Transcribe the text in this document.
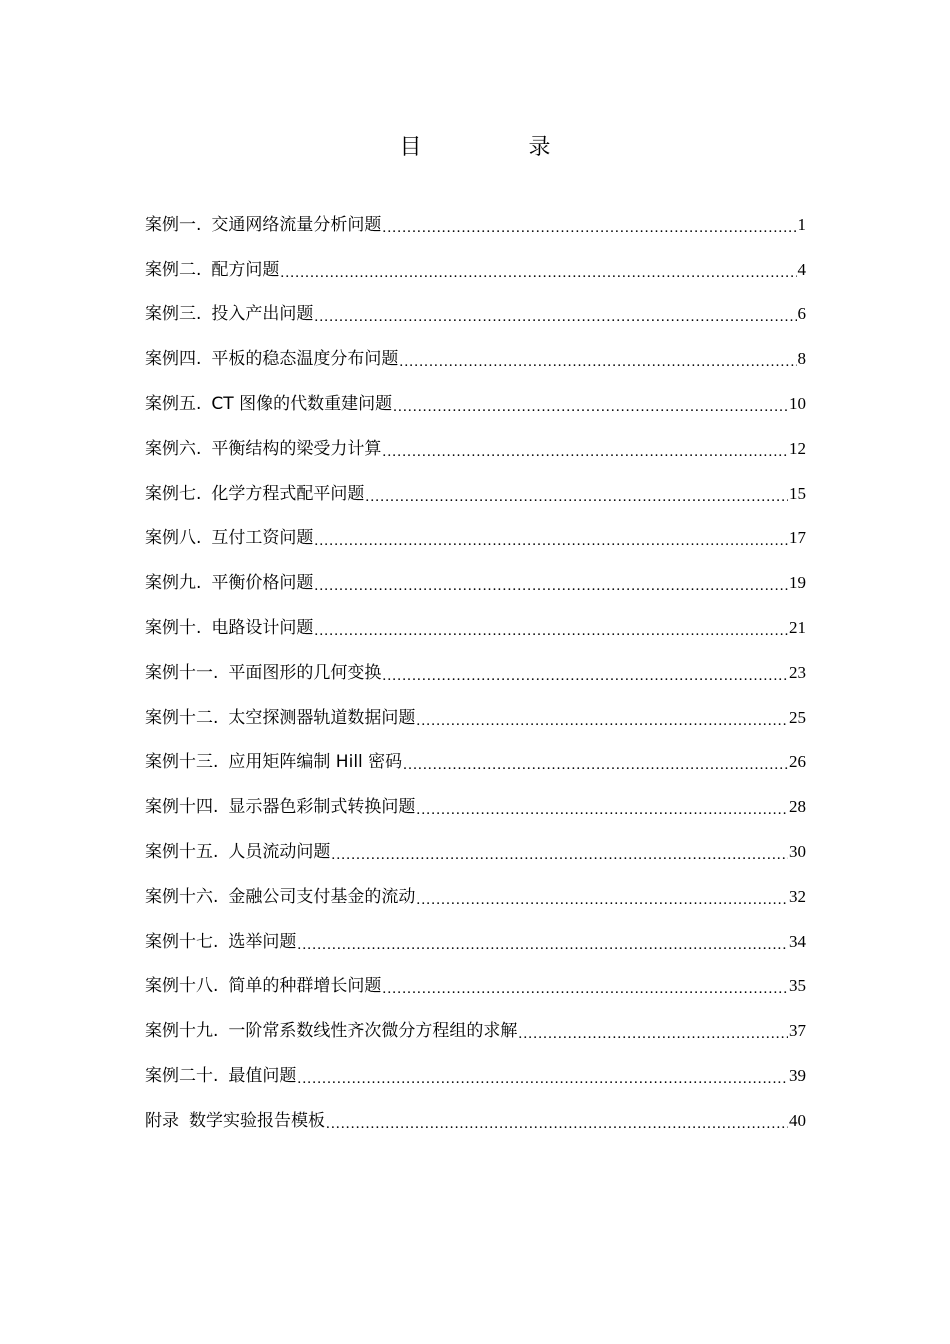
目 录
案例一. 交通网络流量分析问题 .....	1
案例二. 配方问题 .....	4
案例三. 投入产出问题 .....	6
案例四. 平板的稳态温度分布问题 .....	8
案例五. CT 图像的代数重建问题 .....	10
案例六. 平衡结构的梁受力计算 .....	12
案例七. 化学方程式配平问题 .....	15
案例八. 互付工资问题 .....	17
案例九. 平衡价格问题 .....	19
案例十. 电路设计问题 .....	21
案例十一. 平面图形的几何变换 .....	23
案例十二. 太空探测器轨道数据问题 .....	25
案例十三. 应用矩阵编制 Hill 密码 .....	26
案例十四. 显示器色彩制式转换问题 .....	28
案例十五. 人员流动问题 .....	30
案例十六. 金融公司支付基金的流动 .....	32
案例十七. 选举问题 .....	34
案例十八. 简单的种群增长问题 .....	35
案例十九. 一阶常系数线性齐次微分方程组的求解 .....	37
案例二十. 最值问题 .....	39
附录 数学实验报告模板 .....	40
